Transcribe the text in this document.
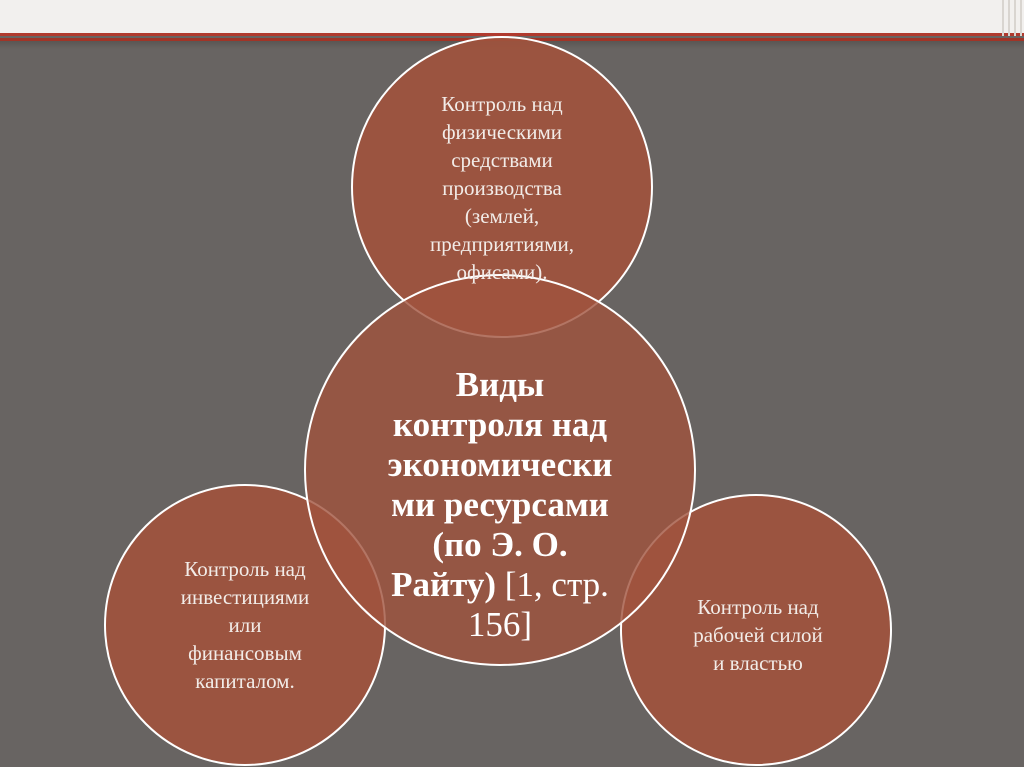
Контроль над
физическими
средствами
производства
(землей,
предприятиями,
офисами).
Контроль над
инвестициями
или
финансовым
капиталом.
Контроль над
рабочей силой
и властью

Виды
контроля над
экономически
ми ресурсами
(по Э. О.
Райту) [1, стр.
156]
